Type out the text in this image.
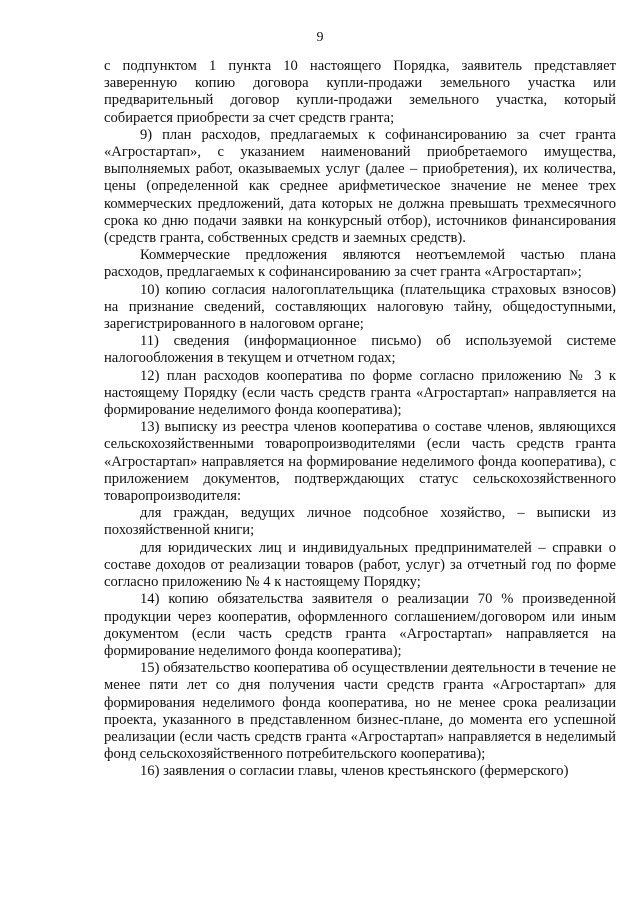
9

с подпунктом 1 пункта 10 настоящего Порядка, заявитель представляет заверенную копию договора купли-продажи земельного участка или предварительный договор купли-продажи земельного участка, который собирается приобрести за счет средств гранта;

9) план расходов, предлагаемых к софинансированию за счет гранта «Агростартап», с указанием наименований приобретаемого имущества, выполняемых работ, оказываемых услуг (далее – приобретения), их количества, цены (определенной как среднее арифметическое значение не менее трех коммерческих предложений, дата которых не должна превышать трехмесячного срока ко дню подачи заявки на конкурсный отбор), источников финансирования (средств гранта, собственных средств и заемных средств).

Коммерческие предложения являются неотъемлемой частью плана расходов, предлагаемых к софинансированию за счет гранта «Агростартап»;

10) копию согласия налогоплательщика (плательщика страховых взносов) на признание сведений, составляющих налоговую тайну, общедоступными, зарегистрированного в налоговом органе;

11) сведения (информационное письмо) об используемой системе налогообложения в текущем и отчетном годах;

12) план расходов кооператива по форме согласно приложению № 3 к настоящему Порядку (если часть средств гранта «Агростартап» направляется на формирование неделимого фонда кооператива);

13) выписку из реестра членов кооператива о составе членов, являющихся сельскохозяйственными товаропроизводителями (если часть средств гранта «Агростартап» направляется на формирование неделимого фонда кооператива), с приложением документов, подтверждающих статус сельскохозяйственного товаропроизводителя:

для граждан, ведущих личное подсобное хозяйство, – выписки из похозяйственной книги;

для юридических лиц и индивидуальных предпринимателей – справки о составе доходов от реализации товаров (работ, услуг) за отчетный год по форме согласно приложению № 4 к настоящему Порядку;

14) копию обязательства заявителя о реализации 70 % произведенной продукции через кооператив, оформленного соглашением/договором или иным документом (если часть средств гранта «Агростартап» направляется на формирование неделимого фонда кооператива);

15) обязательство кооператива об осуществлении деятельности в течение не менее пяти лет со дня получения части средств гранта «Агростартап» для формирования неделимого фонда кооператива, но не менее срока реализации проекта, указанного в представленном бизнес-плане, до момента его успешной реализации (если часть средств гранта «Агростартап» направляется в неделимый фонд сельскохозяйственного потребительского кооператива);

16) заявления о согласии главы, членов крестьянского (фермерского)
